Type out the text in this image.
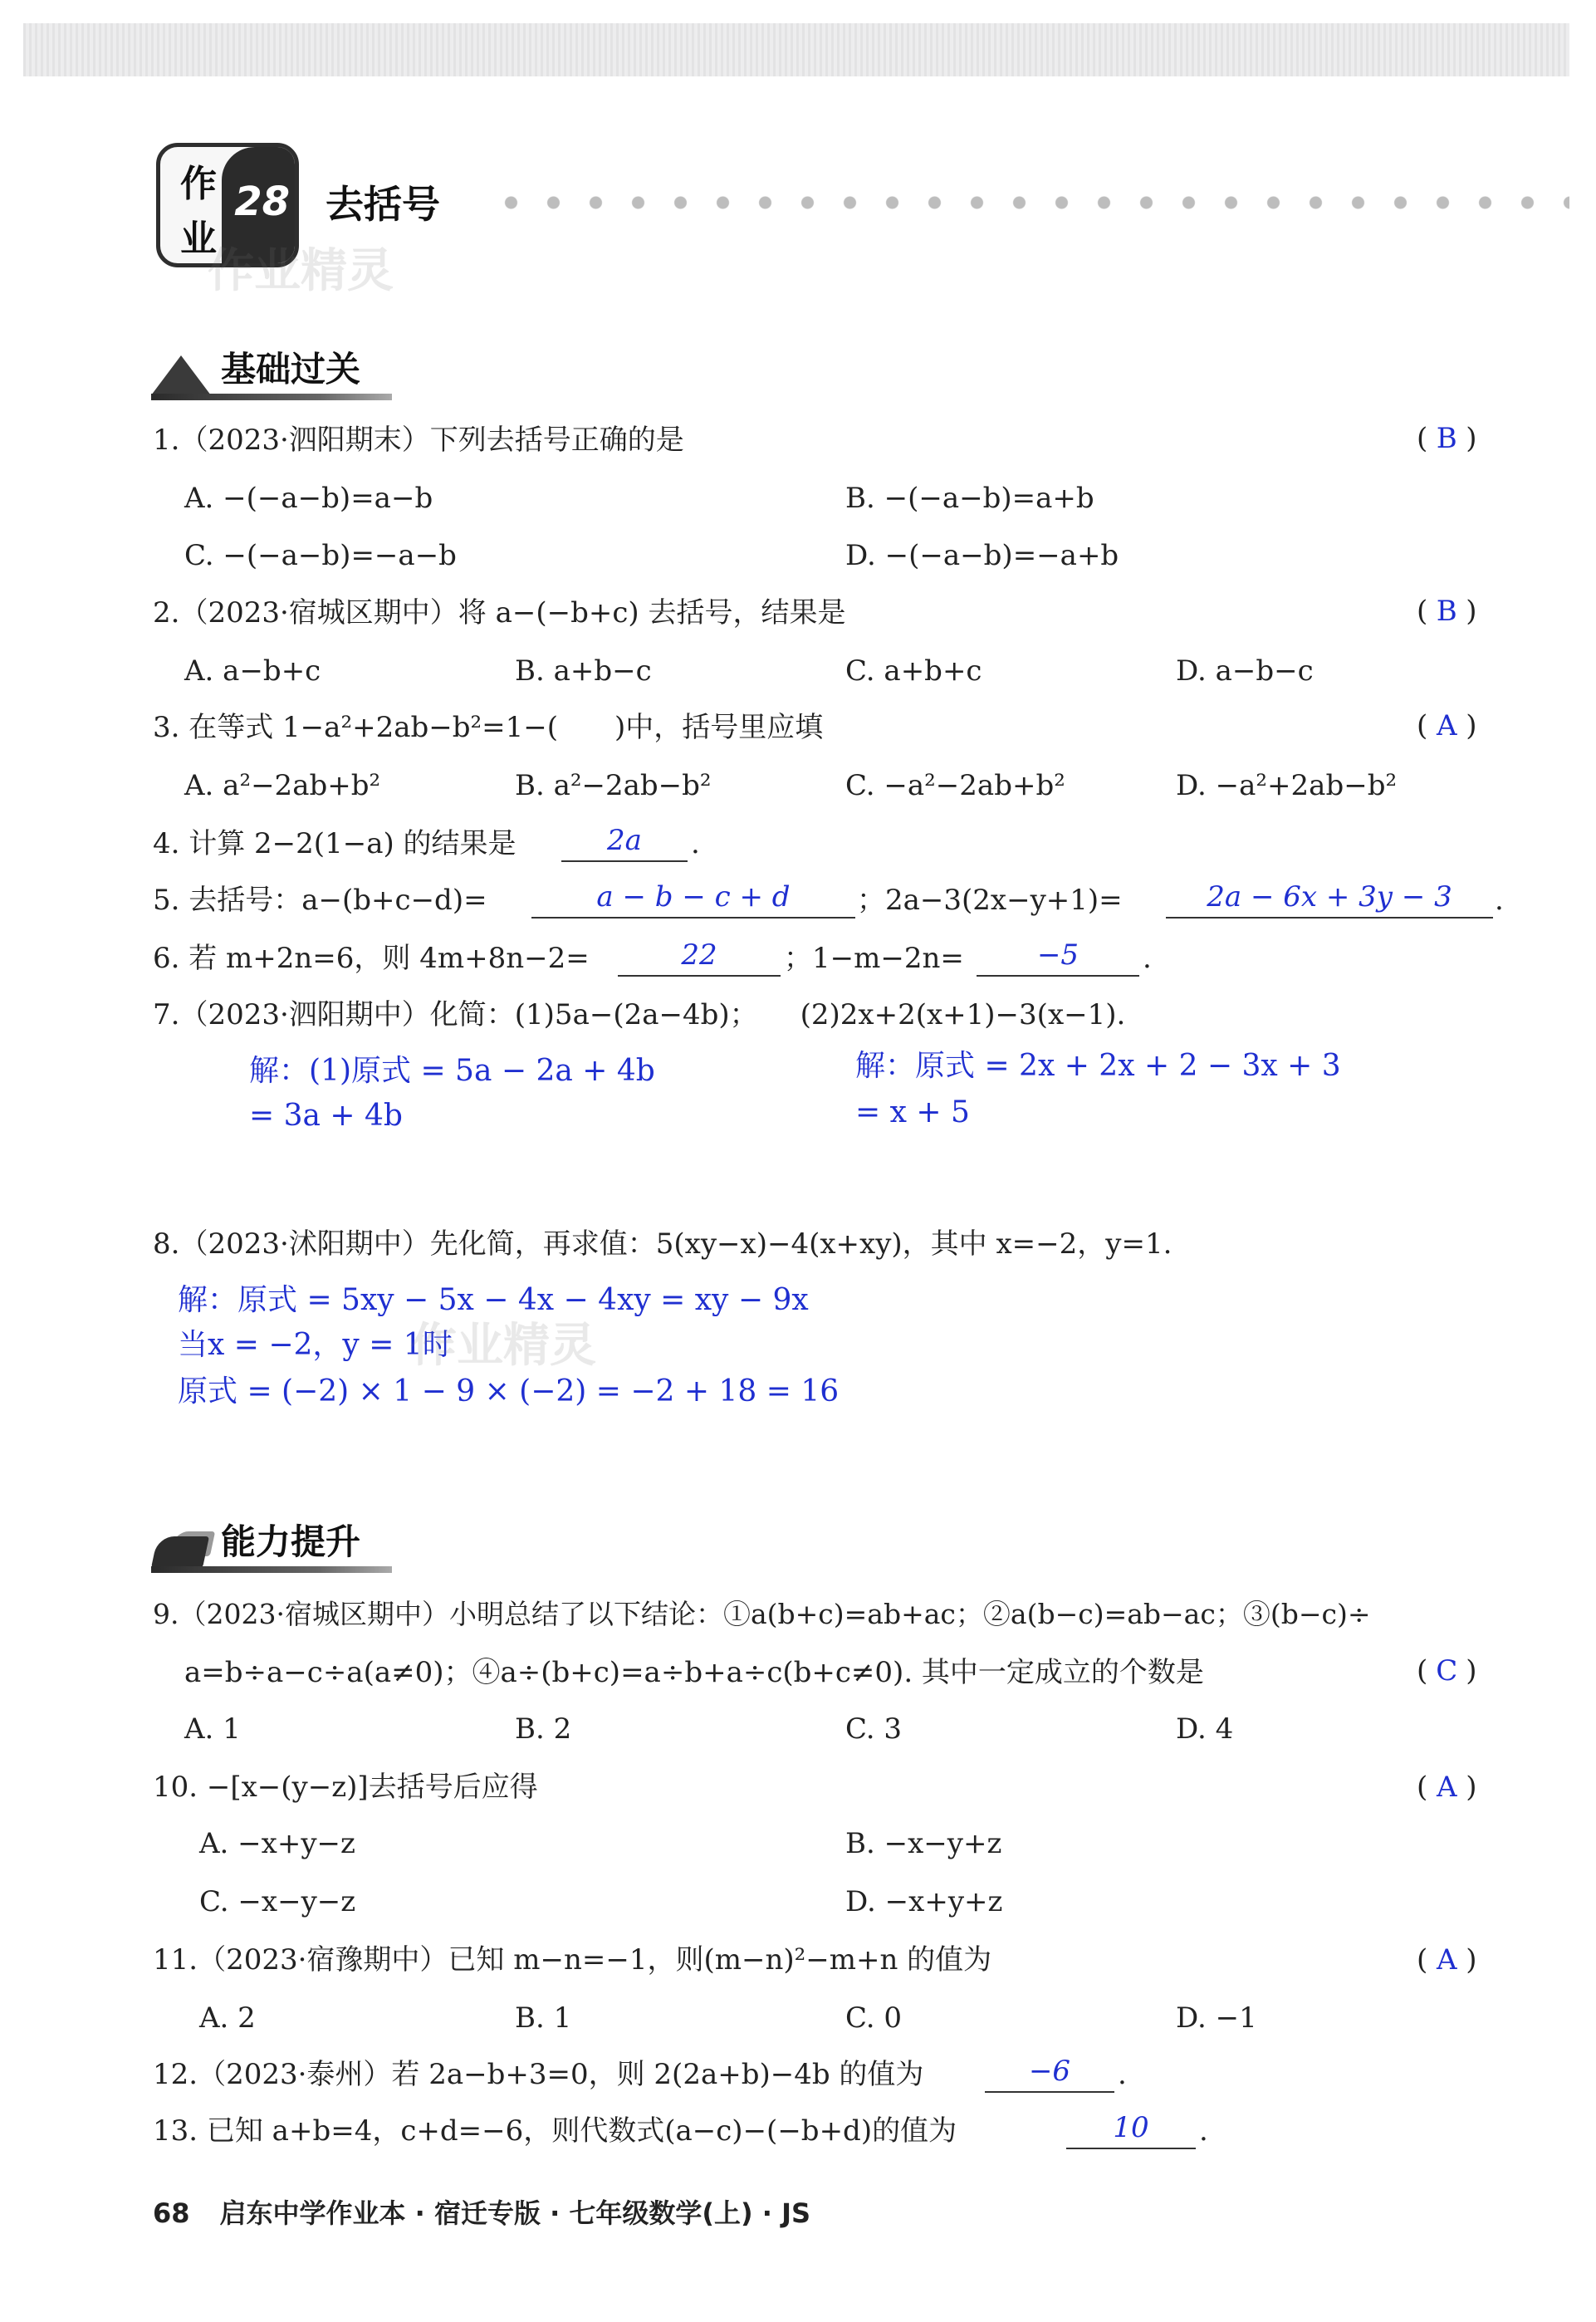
作
业
28 去括号
作业精灵
基础过关
1.（2023·泗阳期末）下列去括号正确的是	( B )
A. −(−a−b)=a−b	B. −(−a−b)=a+b
C. −(−a−b)=−a−b	D. −(−a−b)=−a+b
2.（2023·宿城区期中）将 a−(−b+c) 去括号，结果是	( B )
A. a−b+c	B. a+b−c	C. a+b+c	D. a−b−c
3. 在等式 1−a²+2ab−b²=1−(　　)中，括号里应填	( A )
A. a²−2ab+b²	B. a²−2ab−b²	C. −a²−2ab+b²	D. −a²+2ab−b²
4. 计算 2−2(1−a) 的结果是	2a	.
5. 去括号：a−(b+c−d)=	a − b − c + d	；2a−3(2x−y+1)=	2a − 6x + 3y − 3	.
6. 若 m+2n=6，则 4m+8n−2=	22	；1−m−2n=	−5	.
7.（2023·泗阳期中）化简：(1)5a−(2a−4b)；　　(2)2x+2(x+1)−3(x−1).
解：(1)原式 = 5a − 2a + 4b
= 3a + 4b
解：原式 = 2x + 2x + 2 − 3x + 3
= x + 5
8.（2023·沭阳期中）先化简，再求值：5(xy−x)−4(x+xy)，其中 x=−2，y=1.
解：原式 = 5xy − 5x − 4x − 4xy = xy − 9x
当x = −2，y = 1时
原式 = (−2) × 1 − 9 × (−2) = −2 + 18 = 16
作业精灵
能力提升
9.（2023·宿城区期中）小明总结了以下结论：①a(b+c)=ab+ac；②a(b−c)=ab−ac；③(b−c)÷
a=b÷a−c÷a(a≠0)；④a÷(b+c)=a÷b+a÷c(b+c≠0). 其中一定成立的个数是	( C )
A. 1	B. 2	C. 3	D. 4
10. −[x−(y−z)]去括号后应得	( A )
A. −x+y−z	B. −x−y+z
C. −x−y−z	D. −x+y+z
11.（2023·宿豫期中）已知 m−n=−1，则(m−n)²−m+n 的值为	( A )
A. 2	B. 1	C. 0	D. −1
12.（2023·泰州）若 2a−b+3=0，则 2(2a+b)−4b 的值为	−6	.
13. 已知 a+b=4，c+d=−6，则代数式(a−c)−(−b+d)的值为	10	.
68 启东中学作业本 · 宿迁专版 · 七年级数学(上) · JS
